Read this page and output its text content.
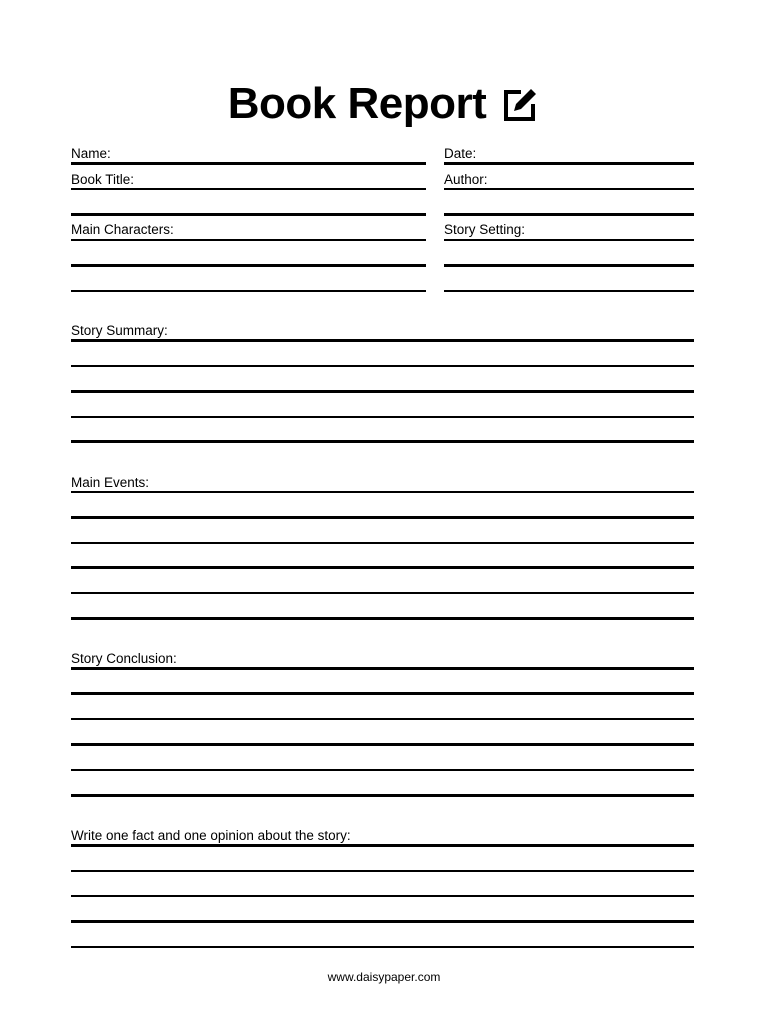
Book Report
Name:	Date:
Book Title:	Author:
Main Characters:	Story Setting:
Story Summary:
Main Events:
Story Conclusion:
Write one fact and one opinion about the story:
www.daisypaper.com
